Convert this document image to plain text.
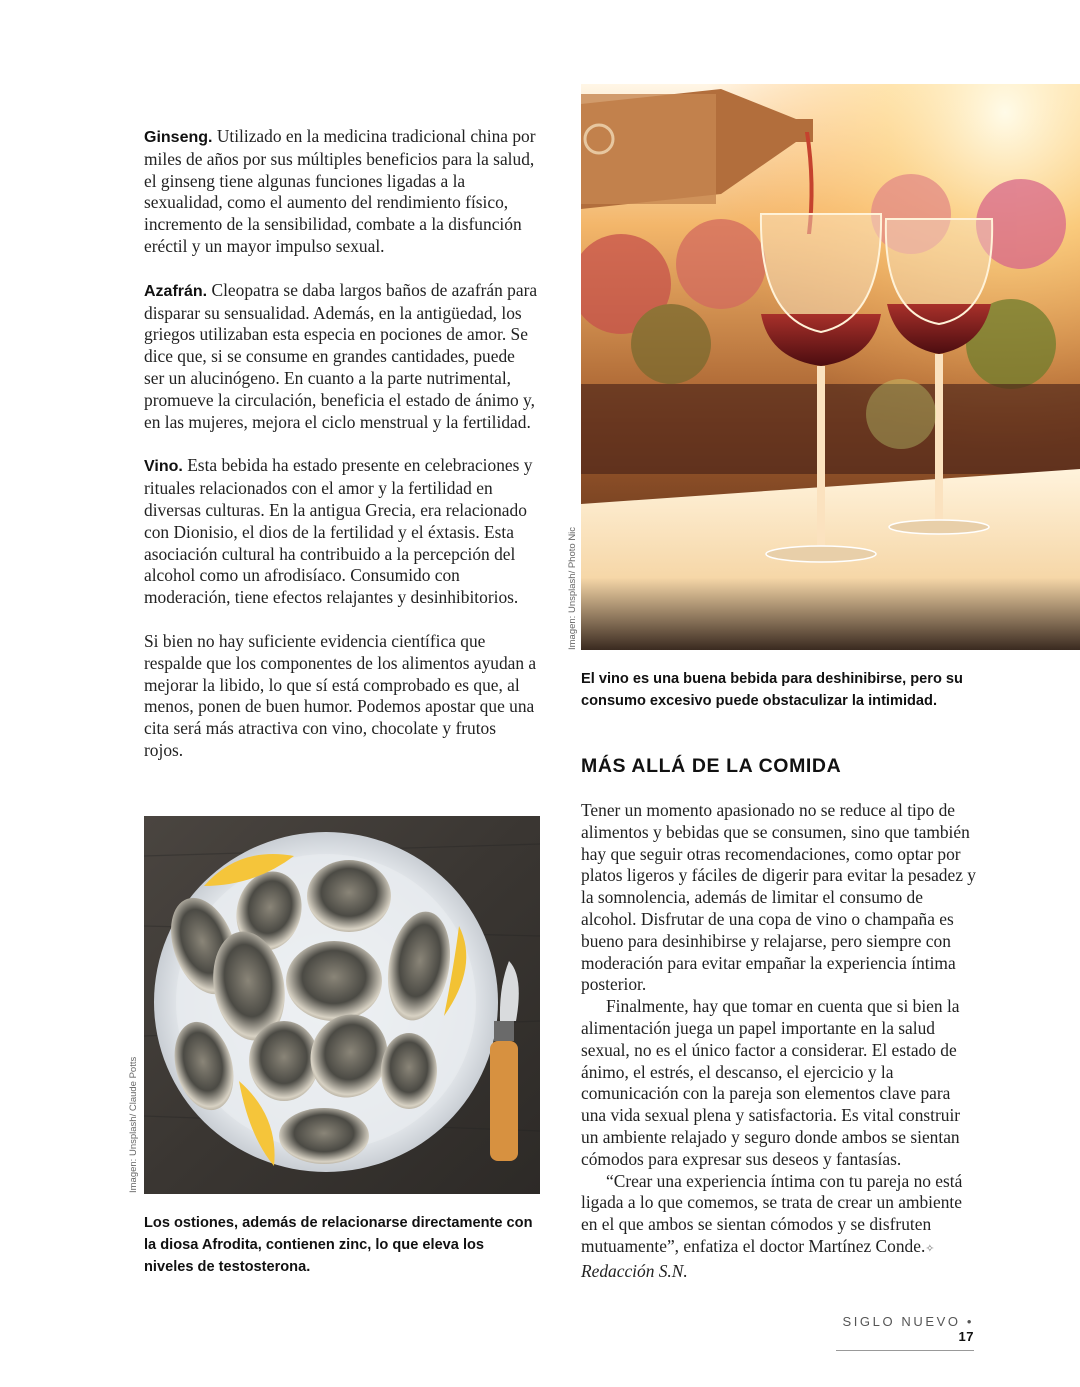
Ginseng. Utilizado en la medicina tradicional china por miles de años por sus múltiples beneficios para la salud, el ginseng tiene algunas funciones ligadas a la sexualidad, como el aumento del rendimiento físico, incremento de la sensibilidad, combate a la disfunción eréctil y un mayor impulso sexual.

Azafrán. Cleopatra se daba largos baños de azafrán para disparar su sensualidad. Además, en la antigüedad, los griegos utilizaban esta especia en pociones de amor. Se dice que, si se consume en grandes cantidades, puede ser un alucinógeno. En cuanto a la parte nutrimental, promueve la circulación, beneficia el estado de ánimo y, en las mujeres, mejora el ciclo menstrual y la fertilidad.

Vino. Esta bebida ha estado presente en celebraciones y rituales relacionados con el amor y la fertilidad en diversas culturas. En la antigua Grecia, era relacionado con Dionisio, el dios de la fertilidad y el éxtasis. Esta asociación cultural ha contribuido a la percepción del alcohol como un afrodisíaco. Consumido con moderación, tiene efectos relajantes y desinhibitorios.

Si bien no hay suficiente evidencia científica que respalde que los componentes de los alimentos ayudan a mejorar la libido, lo que sí está comprobado es que, al menos, ponen de buen humor. Podemos apostar que una cita será más atractiva con vino, chocolate y frutos rojos.

Imagen: Unsplash/ Claude Potts
Los ostiones, además de relacionarse directamente con la diosa Afrodita, contienen zinc, lo que eleva los niveles de testosterona.
Imagen: Unsplash/ Photo Nic
El vino es una buena bebida para deshinibirse, pero su consumo excesivo puede obstaculizar la intimidad.
MÁS ALLÁ DE LA COMIDA

Tener un momento apasionado no se reduce al tipo de alimentos y bebidas que se consumen, sino que también hay que seguir otras recomendaciones, como optar por platos ligeros y fáciles de digerir para evitar la pesadez y la somnolencia, además de limitar el consumo de alcohol. Disfrutar de una copa de vino o champaña es bueno para desinhibirse y relajarse, pero siempre con moderación para evitar empañar la experiencia íntima posterior.

Finalmente, hay que tomar en cuenta que si bien la alimentación juega un papel importante en la salud sexual, no es el único factor a considerar. El estado de ánimo, el estrés, el descanso, el ejercicio y la comunicación con la pareja son elementos clave para una vida sexual plena y satisfactoria. Es vital construir un ambiente relajado y seguro donde ambos se sientan cómodos para expresar sus deseos y fantasías.

“Crear una experiencia íntima con tu pareja no está ligada a lo que comemos, se trata de crear un ambiente en el que ambos se sientan cómodos y se disfruten mutuamente”, enfatiza el doctor Martínez Conde.✧
Redacción S.N.

SIGLO NUEVO • 17
